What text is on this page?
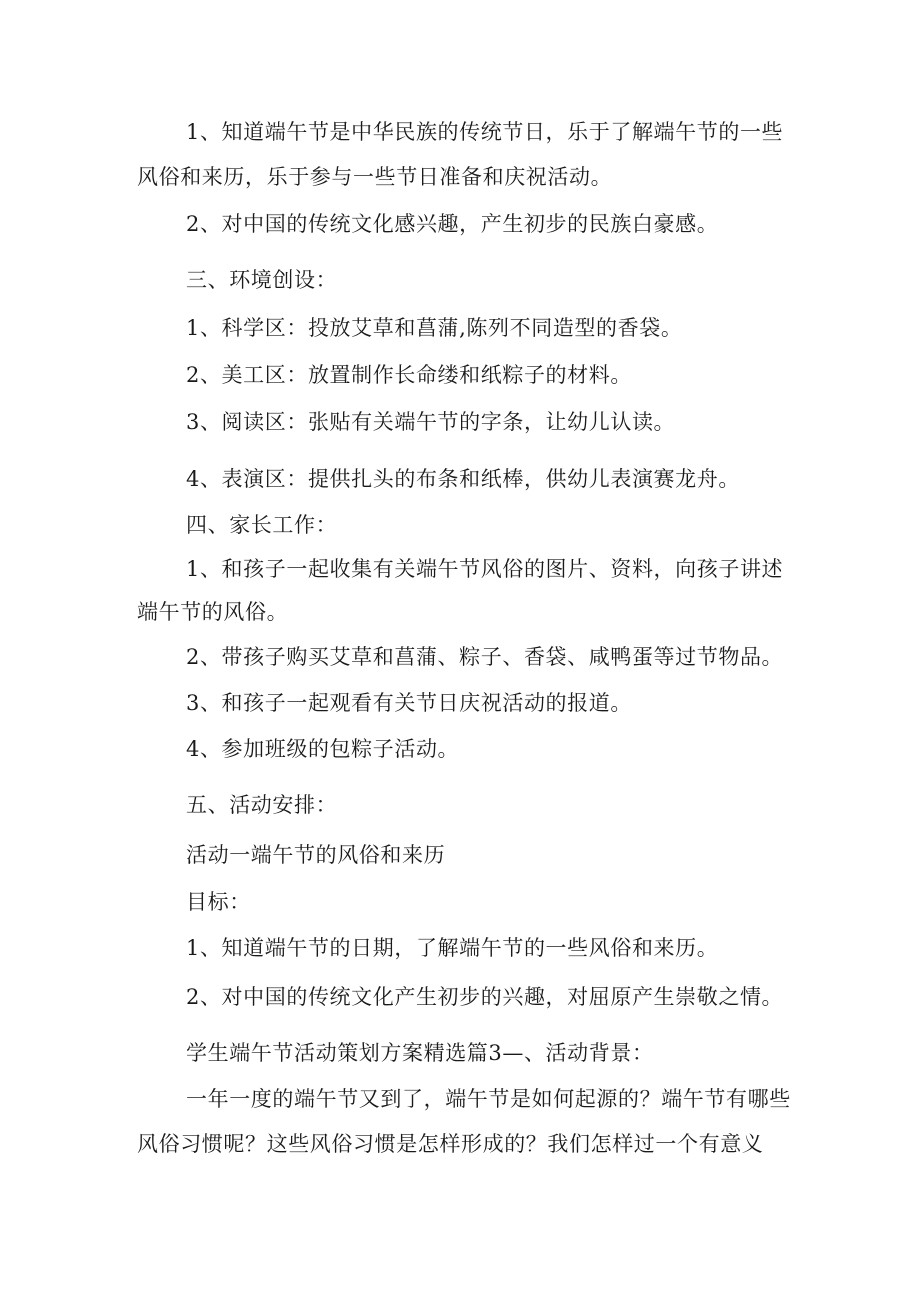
1、知道端午节是中华民族的传统节日，乐于了解端午节的一些
风俗和来历，乐于参与一些节日准备和庆祝活动。
2、对中国的传统文化感兴趣，产生初步的民族白豪感。
三、环境创设：
1、科学区：投放艾草和菖蒲,陈列不同造型的香袋。
2、美工区：放置制作长命缕和纸粽子的材料。
3、阅读区：张贴有关端午节的字条，让幼儿认读。
4、表演区：提供扎头的布条和纸棒，供幼儿表演赛龙舟。
四、家长工作：
1、和孩子一起收集有关端午节风俗的图片、资料，向孩子讲述
端午节的风俗。
2、带孩子购买艾草和菖蒲、粽子、香袋、咸鸭蛋等过节物品。
3、和孩子一起观看有关节日庆祝活动的报道。
4、参加班级的包粽子活动。
五、活动安排：
活动一端午节的风俗和来历
目标：
1、知道端午节的日期，了解端午节的一些风俗和来历。
2、对中国的传统文化产生初步的兴趣，对屈原产生崇敬之情。
学生端午节活动策划方案精选篇3—、活动背景：
一年一度的端午节又到了，端午节是如何起源的？端午节有哪些
风俗习惯呢？这些风俗习惯是怎样形成的？我们怎样过一个有意义
